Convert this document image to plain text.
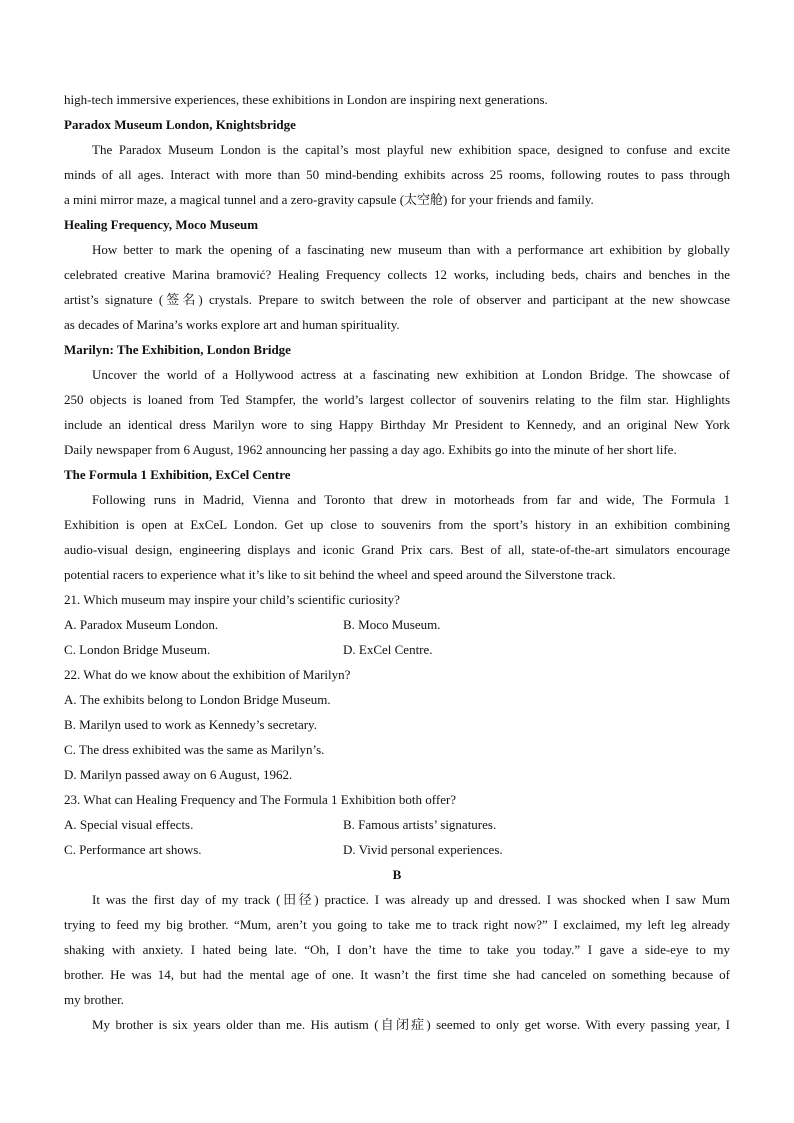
high-tech immersive experiences, these exhibitions in London are inspiring next generations.
Paradox Museum London, Knightsbridge
The Paradox Museum London is the capital’s most playful new exhibition space, designed to confuse and excite
minds of all ages. Interact with more than 50 mind-bending exhibits across 25 rooms, following routes to pass through
a mini mirror maze, a magical tunnel and a zero-gravity capsule (太空舱) for your friends and family.
Healing Frequency, Moco Museum
How better to mark the opening of a fascinating new museum than with a performance art exhibition by globally
celebrated creative Marina bramović? Healing Frequency collects 12 works, including beds, chairs and benches in the
artist’s signature (签名) crystals. Prepare to switch between the role of observer and participant at the new showcase
as decades of Marina’s works explore art and human spirituality.
Marilyn: The Exhibition, London Bridge
Uncover the world of a Hollywood actress at a fascinating new exhibition at London Bridge. The showcase of
250 objects is loaned from Ted Stampfer, the world’s largest collector of souvenirs relating to the film star. Highlights
include an identical dress Marilyn wore to sing Happy Birthday Mr President to Kennedy, and an original New York
Daily newspaper from 6 August, 1962 announcing her passing a day ago. Exhibits go into the minute of her short life.
The Formula 1 Exhibition, ExCel Centre
Following runs in Madrid, Vienna and Toronto that drew in motorheads from far and wide, The Formula 1
Exhibition is open at ExCeL London. Get up close to souvenirs from the sport’s history in an exhibition combining
audio-visual design, engineering displays and iconic Grand Prix cars. Best of all, state-of-the-art simulators encourage
potential racers to experience what it’s like to sit behind the wheel and speed around the Silverstone track.
21. Which museum may inspire your child’s scientific curiosity?
A. Paradox Museum London.	B. Moco Museum.
C. London Bridge Museum.	D. ExCel Centre.
22. What do we know about the exhibition of Marilyn?
A. The exhibits belong to London Bridge Museum.
B. Marilyn used to work as Kennedy’s secretary.
C. The dress exhibited was the same as Marilyn’s.
D. Marilyn passed away on 6 August, 1962.
23. What can Healing Frequency and The Formula 1 Exhibition both offer?
A. Special visual effects.	B. Famous artists’ signatures.
C. Performance art shows.	D. Vivid personal experiences.
B
It was the first day of my track (田径) practice. I was already up and dressed. I was shocked when I saw Mum
trying to feed my big brother. “Mum, aren’t you going to take me to track right now?” I exclaimed, my left leg already
shaking with anxiety. I hated being late. “Oh, I don’t have the time to take you today.” I gave a side-eye to my
brother. He was 14, but had the mental age of one. It wasn’t the first time she had canceled on something because of
my brother.
My brother is six years older than me. His autism (自闭症) seemed to only get worse. With every passing year, I
